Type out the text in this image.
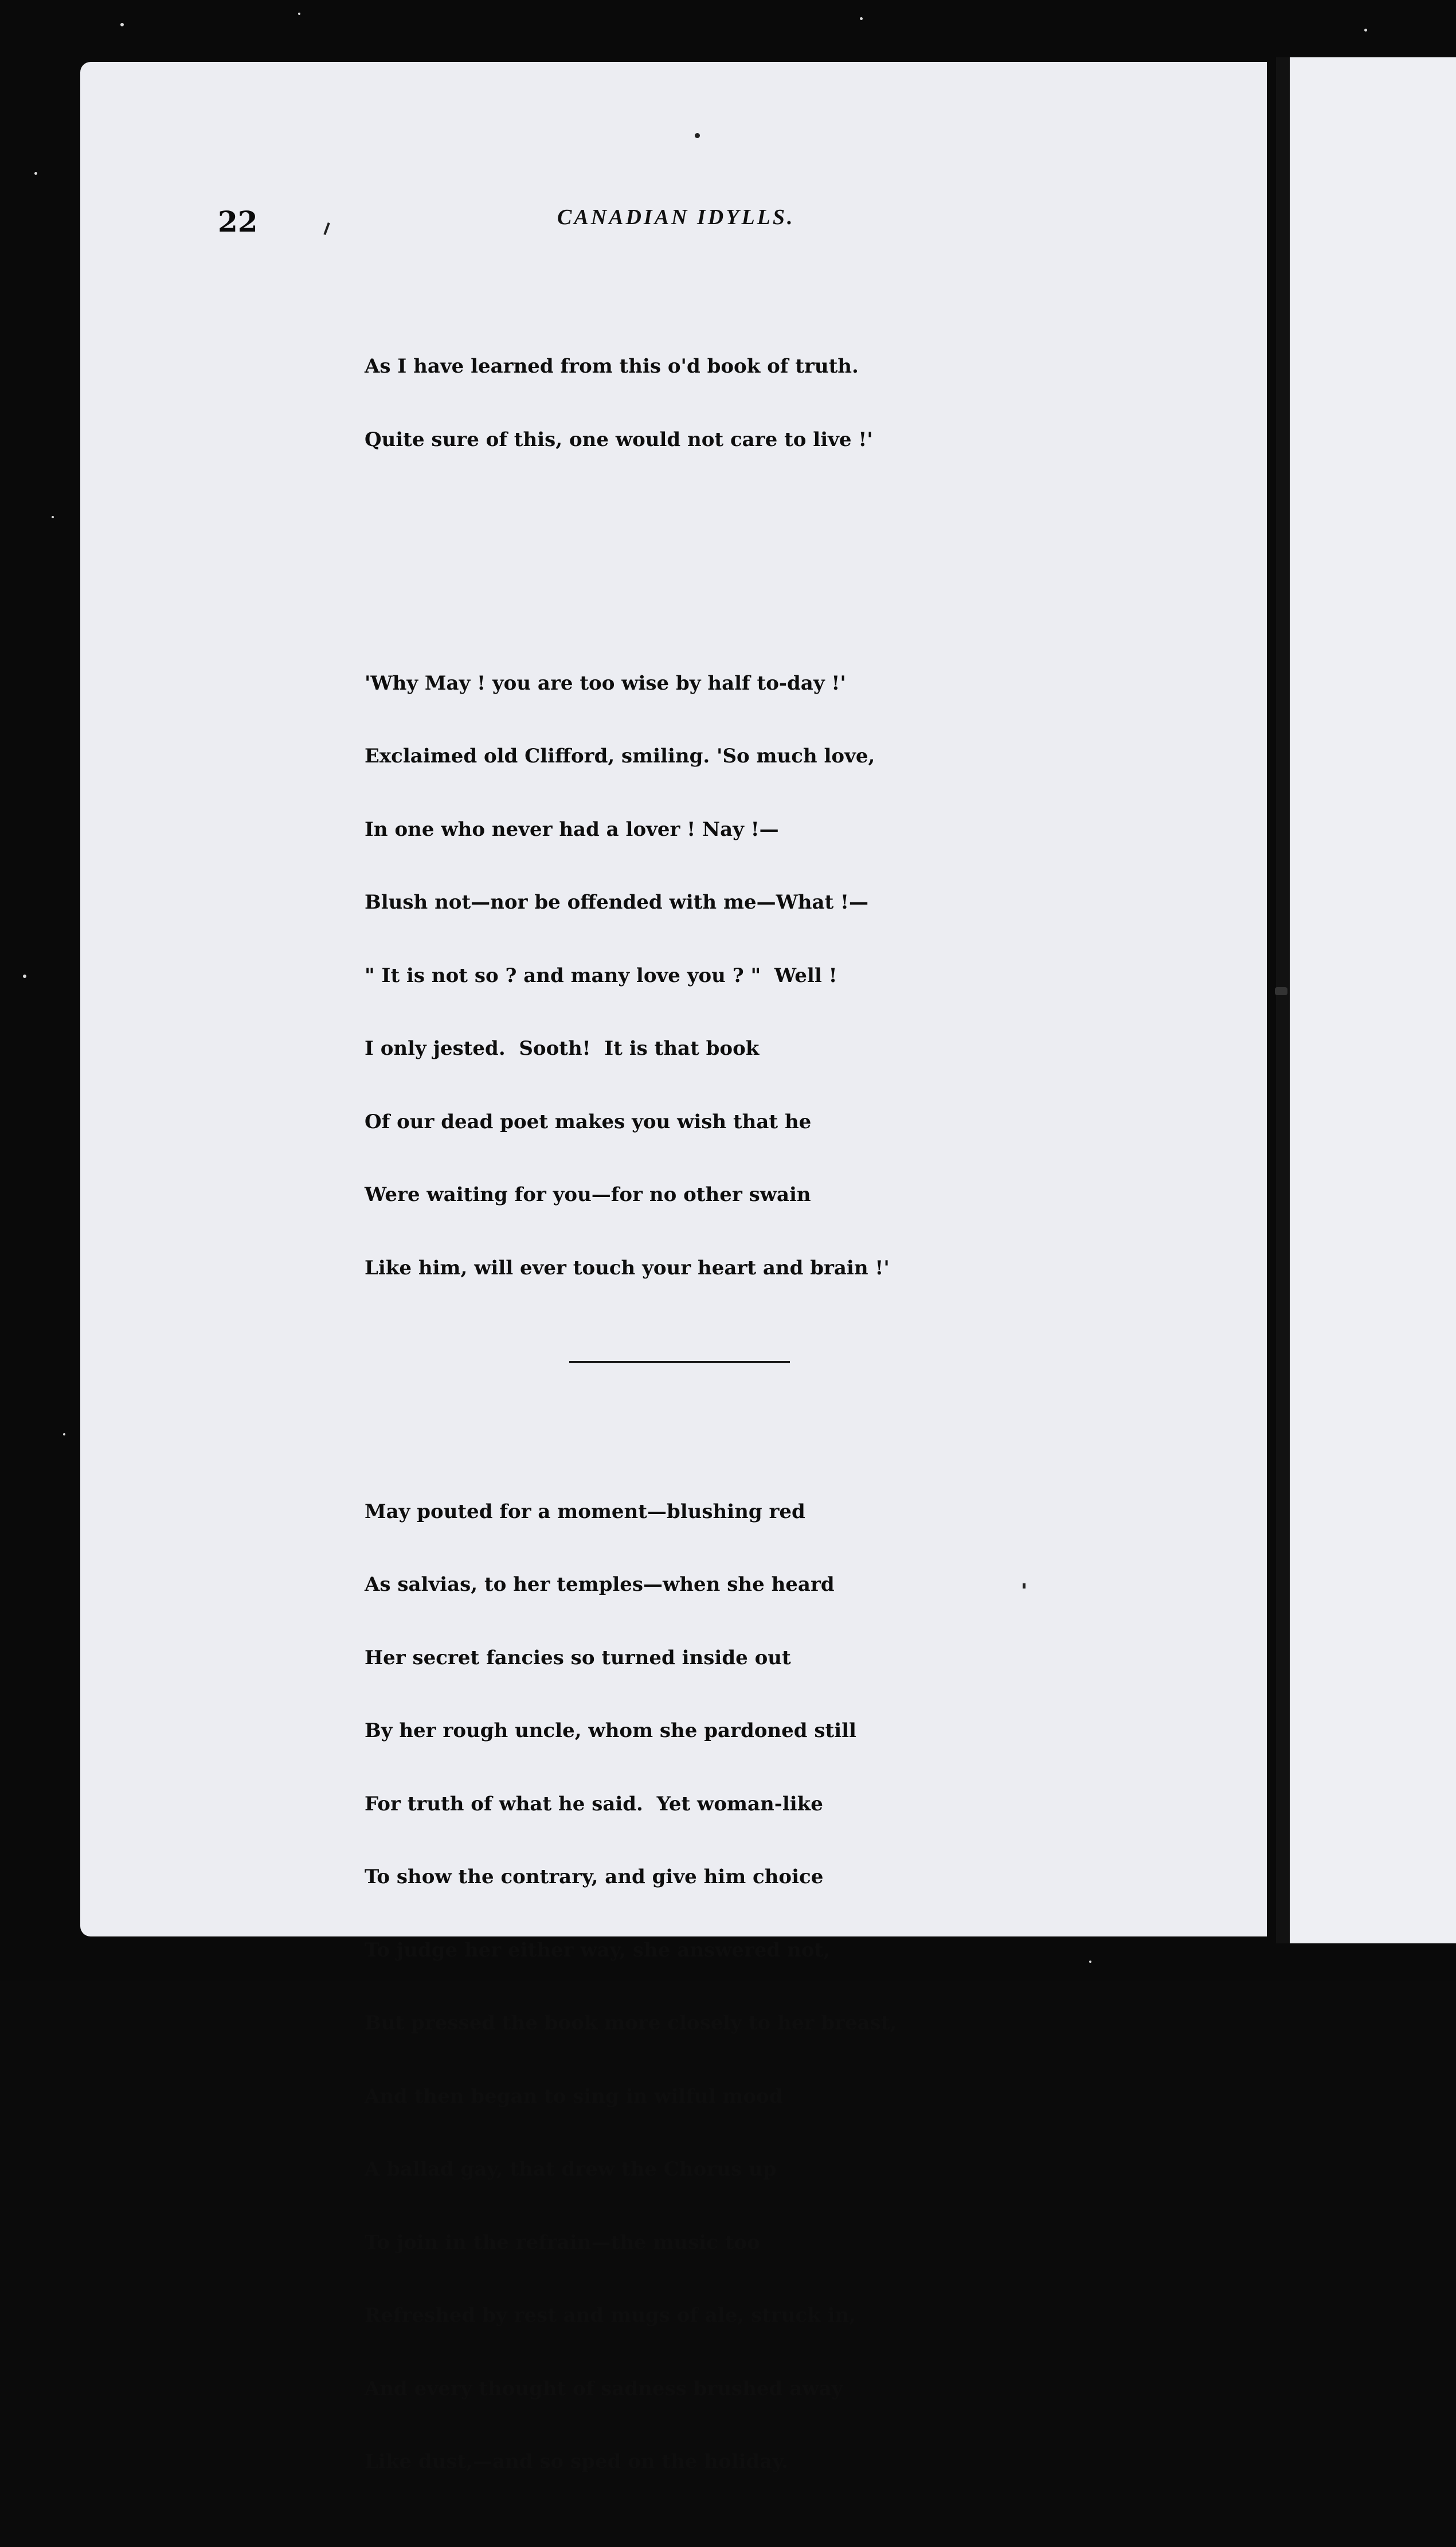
22	CANADIAN IDYLLS.

As I have learned from this o'd book of truth.

Quite sure of this, one would not care to live !'

'Why May ! you are too wise by half to-day !'

Exclaimed old Clifford, smiling. 'So much love,

In one who never had a lover ! Nay !—

Blush not—nor be offended with me—What !—

" It is not so ? and many love you ? "  Well !

I only jested.  Sooth!  It is that book

Of our dead poet makes you wish that he

Were waiting for you—for no other swain

Like him, will ever touch your heart and brain !'

May pouted for a moment—blushing red

As salvias, to her temples—when she heard

Her secret fancies so turned inside out

By her rough uncle, whom she pardoned still

For truth of what he said.  Yet woman-like

To show the contrary, and give him choice

To judge her either way, she answered not,

But pressed the book more closely to her breast,

And then began to sing in wilful mood

A ballad gay, that drew the Chorus up

To join in the refrain—the music too

Refreshed by rest and mugs of ale, struck in,

And every thought of sadness brushed away

Like dust,—and so sped on the holiday.
